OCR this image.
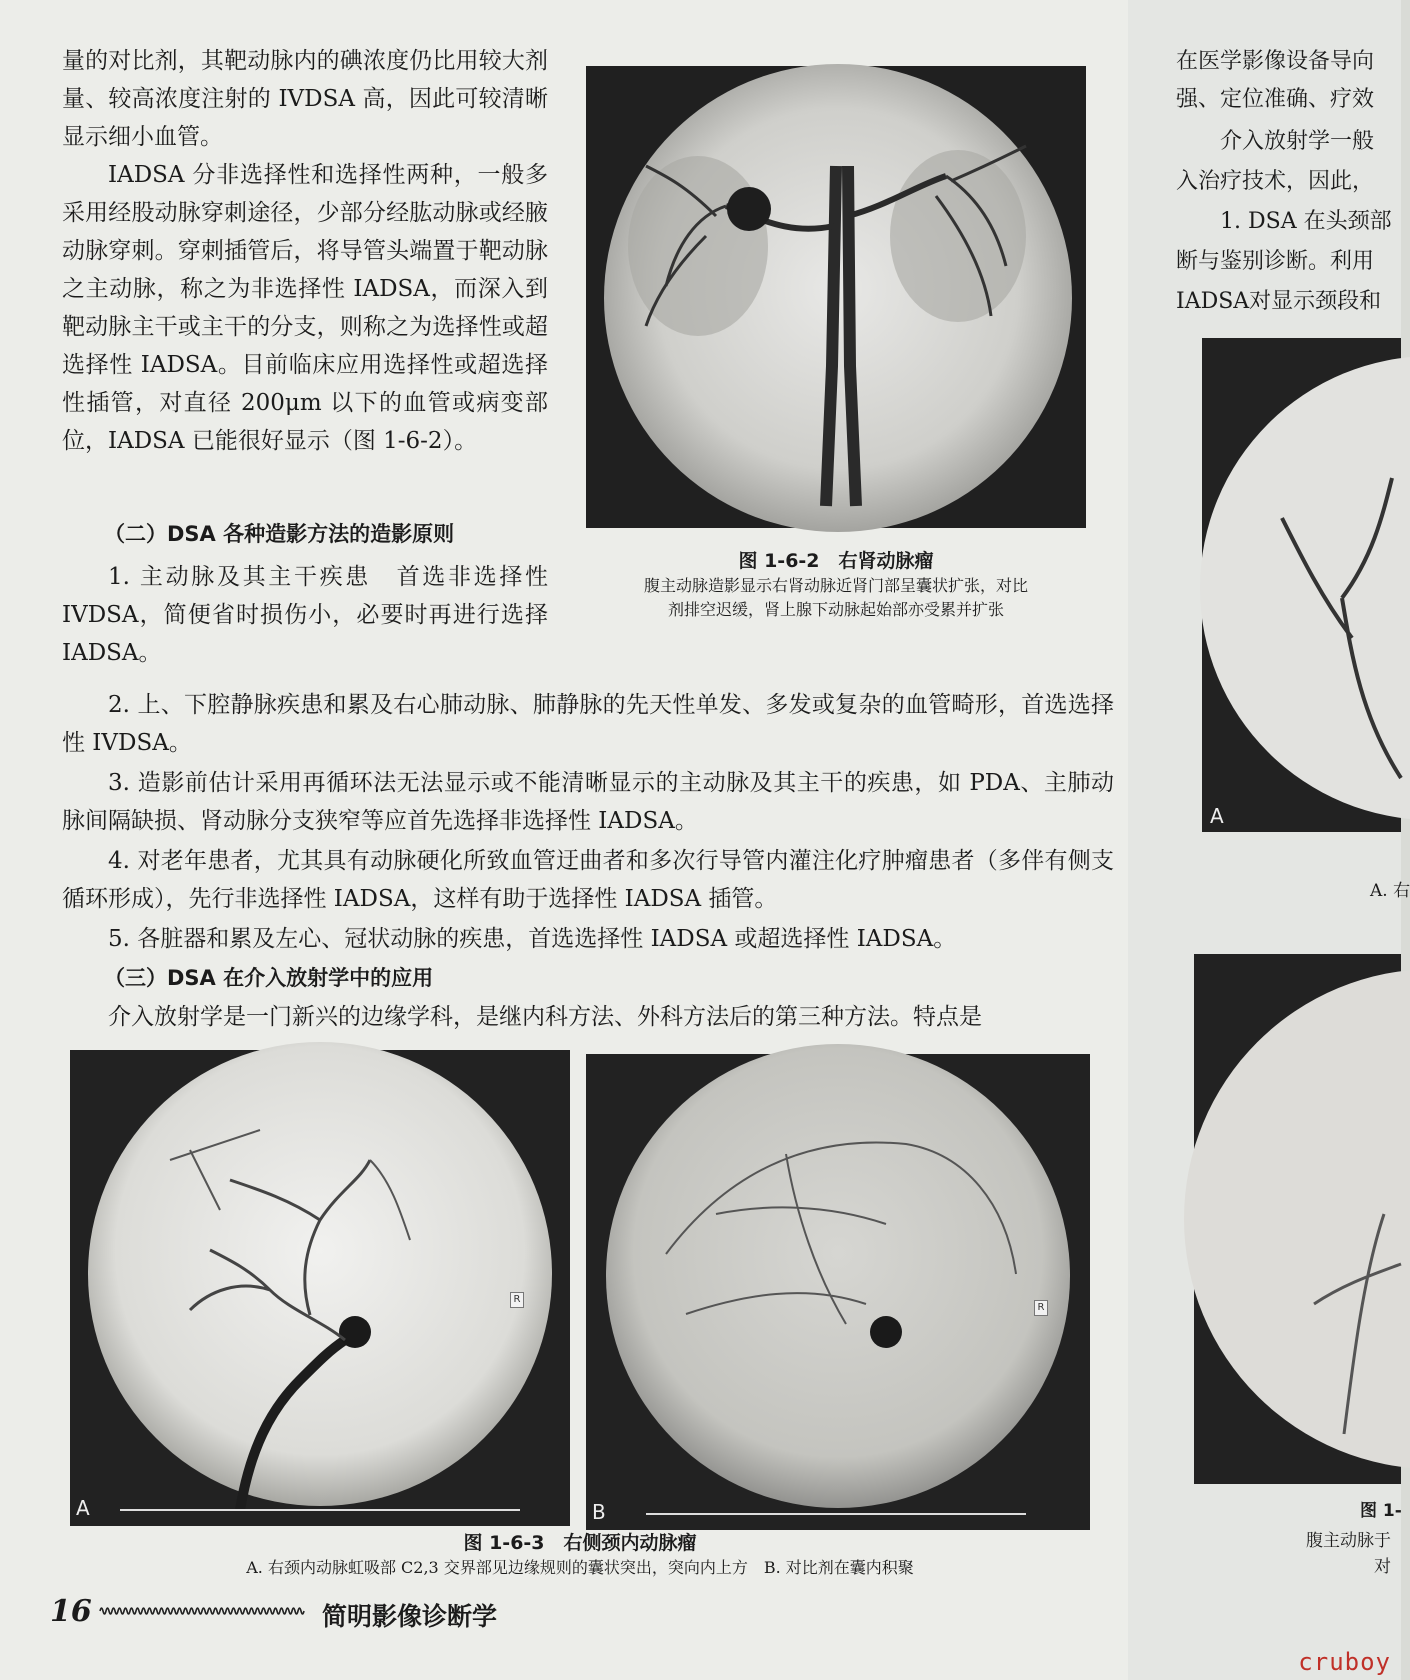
量的对比剂，其靶动脉内的碘浓度仍比用较大剂量、较高浓度注射的 IVDSA 高，因此可较清晰显示细小血管。

IADSA 分非选择性和选择性两种，一般多采用经股动脉穿刺途径，少部分经肱动脉或经腋动脉穿刺。穿刺插管后，将导管头端置于靶动脉之主动脉，称之为非选择性 IADSA，而深入到靶动脉主干或主干的分支，则称之为选择性或超选择性 IADSA。目前临床应用选择性或超选择性插管，对直径 200μm 以下的血管或病变部位，IADSA 已能很好显示（图 1-6-2）。

（二）DSA 各种造影方法的造影原则

1. 主动脉及其主干疾患　首选非选择性 IVDSA，简便省时损伤小，必要时再进行选择 IADSA。

图 1-6-2　右肾动脉瘤
腹主动脉造影显示右肾动脉近肾门部呈囊状扩张，对比
剂排空迟缓，肾上腺下动脉起始部亦受累并扩张

2. 上、下腔静脉疾患和累及右心肺动脉、肺静脉的先天性单发、多发或复杂的血管畸形，首选选择性 IVDSA。

3. 造影前估计采用再循环法无法显示或不能清晰显示的主动脉及其主干的疾患，如 PDA、主肺动脉间隔缺损、肾动脉分支狭窄等应首先选择非选择性 IADSA。

4. 对老年患者，尤其具有动脉硬化所致血管迂曲者和多次行导管内灌注化疗肿瘤患者（多伴有侧支循环形成），先行非选择性 IADSA，这样有助于选择性 IADSA 插管。

5. 各脏器和累及左心、冠状动脉的疾患，首选选择性 IADSA 或超选择性 IADSA。

（三）DSA 在介入放射学中的应用

介入放射学是一门新兴的边缘学科，是继内科方法、外科方法后的第三种方法。特点是

A
R
B
R
图 1-6-3　右侧颈内动脉瘤
A. 右颈内动脉虹吸部 C2,3 交界部见边缘规则的囊状突出，突向内上方　B. 对比剂在囊内积聚
16	简明影像诊断学
在医学影像设备导向
强、定位准确、疗效
介入放射学一般
入治疗技术，因此，
1. DSA 在头颈部
断与鉴别诊断。利用
IADSA对显示颈段和
A
A. 右
图 1-
腹主动脉于
对
cruboy
